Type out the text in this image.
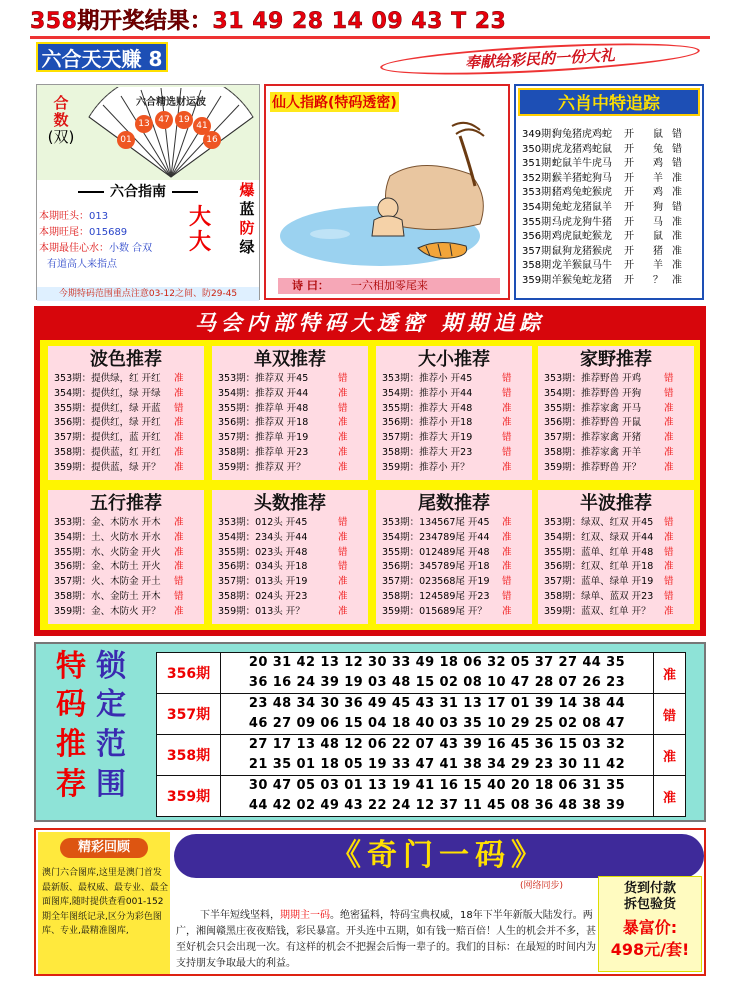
358期开奖结果：31 49 28 14 09 43 T 23
六合天天赚 8	奉献给彩民的一份大礼
合
数
(双)
六合精选财运波
01
13 47 19
41
16
六合指南
本期旺头：013
本期旺尾：015689
本期最佳心水：小数 合双
有道高人来指点
大
大
爆
蓝
防
绿
今期特码范围重点注意03-12之间、防29-45
仙人指路(特码透密)
诗 曰： 一六相加零尾来
六肖中特追踪
349期：
狗兔猪虎鸡蛇	开	鼠 错
350期：
虎龙猪鸡蛇鼠	开	兔 错
351期：
蛇鼠羊牛虎马	开	鸡 错
352期：
猴羊猪蛇狗马	开	羊 准
353期：
猪鸡兔蛇猴虎	开	鸡 准
354期：
兔蛇龙猪鼠羊	开	狗 错
355期：
马虎龙狗牛猪	开	马 准
356期：
鸡虎鼠蛇猴龙	开	鼠 准
357期：
鼠狗龙猪猴虎	开	猪 准
358期：
龙羊猴鼠马牛	开	羊 准
359期：
羊猴兔蛇龙猪	开	？ 准
马会内部特码大透密 期期追踪
波色推荐
353期：提供绿，红 开红	准
354期：提供红，绿 开绿	准
355期：提供红，绿 开蓝	错
356期：提供红，绿 开红	准
357期：提供红，蓝 开红	准
358期：提供蓝，红 开红	准
359期：提供蓝，绿 开？	准
单双推荐
353期：推荐双 开45	错
354期：推荐双 开44	准
355期：推荐单 开48	错
356期：推荐双 开18	准
357期：推荐单 开19	准
358期：推荐单 开23	准
359期：推荐双 开？	准
大小推荐
353期：推荐小 开45	错
354期：推荐小 开44	错
355期：推荐大 开48	准
356期：推荐小 开18	准
357期：推荐大 开19	错
358期：推荐大 开23	错
359期：推荐小 开？	准
家野推荐
353期：推荐野兽 开鸡	错
354期：推荐野兽 开狗	错
355期：推荐家禽 开马	准
356期：推荐野兽 开鼠	准
357期：推荐家禽 开猪	准
358期：推荐家禽 开羊	准
359期：推荐野兽 开？	准
五行推荐
353期：金、木防水 开木	准
354期：土、火防水 开水	准
355期：水、火防金 开火	准
356期：金、木防土 开火	准
357期：火、木防金 开土	错
358期：水、金防土 开木	错
359期：金、木防火 开？	准
头数推荐
353期：012头 开45	错
354期：234头 开44	准
355期：023头 开48	错
356期：034头 开18	错
357期：013头 开19	准
358期：024头 开23	准
359期：013头 开？	准
尾数推荐
353期：134567尾 开45	准
354期：234789尾 开44	准
355期：012489尾 开48	准
356期：345789尾 开18	准
357期：023568尾 开19	错
358期：124589尾 开23	错
359期：015689尾 开？	准
半波推荐
353期：绿双、红双 开45	错
354期：红双、绿双 开44	准
355期：蓝单、红单 开48	错
356期：红双、红单 开18	准
357期：蓝单、绿单 开19	错
358期：绿单、蓝双 开23	错
359期：蓝双、红单 开？	准
特 锁
码 定
推 范
荐 围
356期	20 31 42 13 12 30 33 49 18 06 32 05 37 27 44 35
36 16 24 39 19 03 48 15 02 08 10 47 28 07 26 23	准
357期	23 48 34 30 36 49 45 43 31 13 17 01 39 14 38 44
46 27 09 06 15 04 18 40 03 35 10 29 25 02 08 47	错
358期	27 17 13 48 12 06 22 07 43 39 16 45 36 15 03 32
21 35 01 18 05 19 33 47 41 38 34 29 23 30 11 42	准
359期	30 47 05 03 01 13 19 41 16 15 40 20 18 06 31 35
44 42 02 49 43 22 24 12 37 11 45 08 36 48 38 39	准
精彩回顾
澳门六合图库,这里是澳门首发最新版、最权威、最专业、最全面图库,随时提供查看001-152期全年图纸记录,区分为彩色图库、专业,最精准图库,
《奇门一码》
(网络同步)
下半年短线坚料，期期主一码。绝密猛料，特码宝典权威，18年下半年新版大陆发行。两广，湘闽赣黑庄夜夜赔钱，彩民暴富。开头连中五期，如有钱一赔百倍！人生的机会并不多，甚至好机会只会出现一次。有这样的机会不把握会后悔一辈子的。我们的目标：在最短的时间内为支持朋友争取最大的利益。
货到付款
拆包验货
暴富价:
498元/套!
